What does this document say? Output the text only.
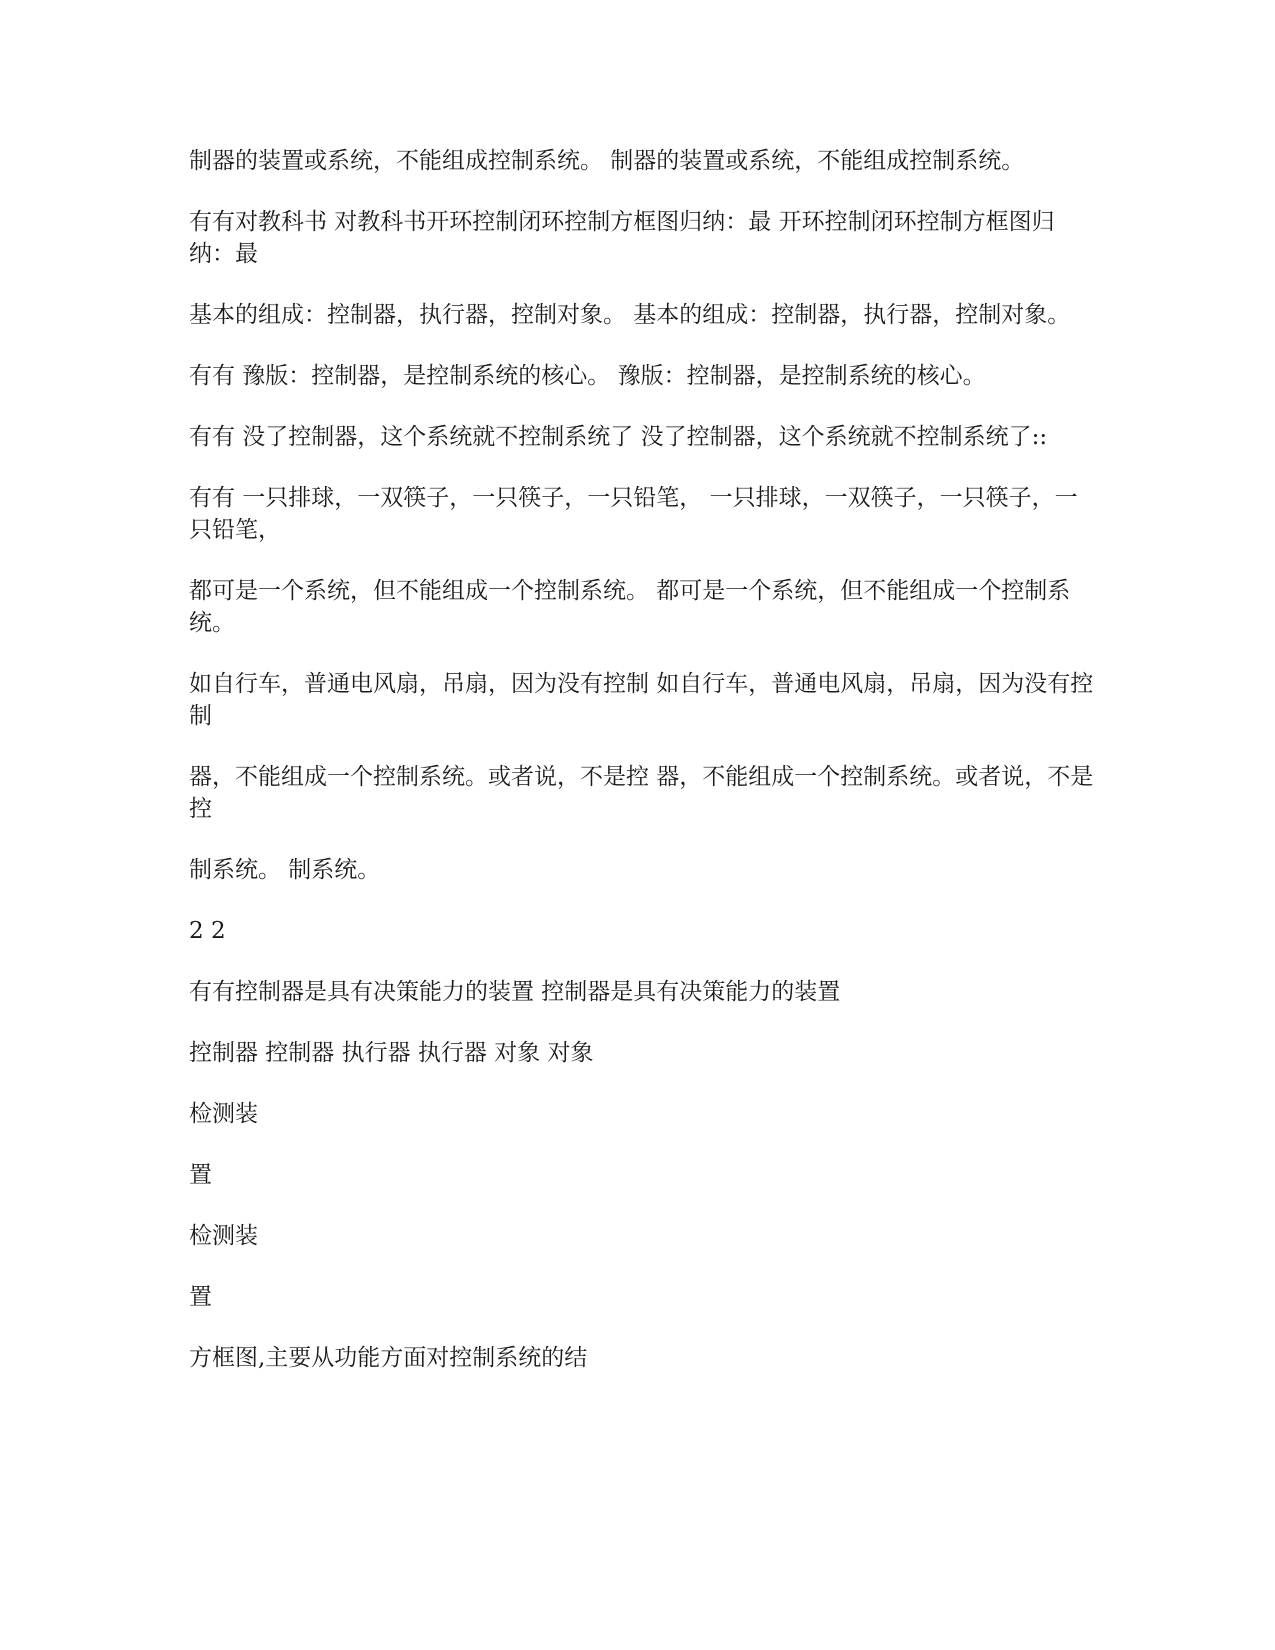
制器的装置或系统，不能组成控制系统。 制器的装置或系统，不能组成控制系统。

有有对教科书 对教科书开环控制闭环控制方框图归纳：最 开环控制闭环控制方框图归纳：最

基本的组成：控制器，执行器，控制对象。 基本的组成：控制器，执行器，控制对象。

有有 豫版：控制器，是控制系统的核心。 豫版：控制器，是控制系统的核心。

有有 没了控制器，这个系统就不控制系统了 没了控制器，这个系统就不控制系统了::

有有 一只排球，一双筷子，一只筷子，一只铅笔， 一只排球，一双筷子，一只筷子，一只铅笔，

都可是一个系统，但不能组成一个控制系统。 都可是一个系统，但不能组成一个控制系统。

如自行车，普通电风扇，吊扇，因为没有控制 如自行车，普通电风扇，吊扇，因为没有控制

器，不能组成一个控制系统。或者说，不是控 器，不能组成一个控制系统。或者说，不是控

制系统。 制系统。

2 2

有有控制器是具有决策能力的装置 控制器是具有决策能力的装置

控制器 控制器 执行器 执行器 对象 对象

检测装

置

检测装

置

方框图,主要从功能方面对控制系统的结
